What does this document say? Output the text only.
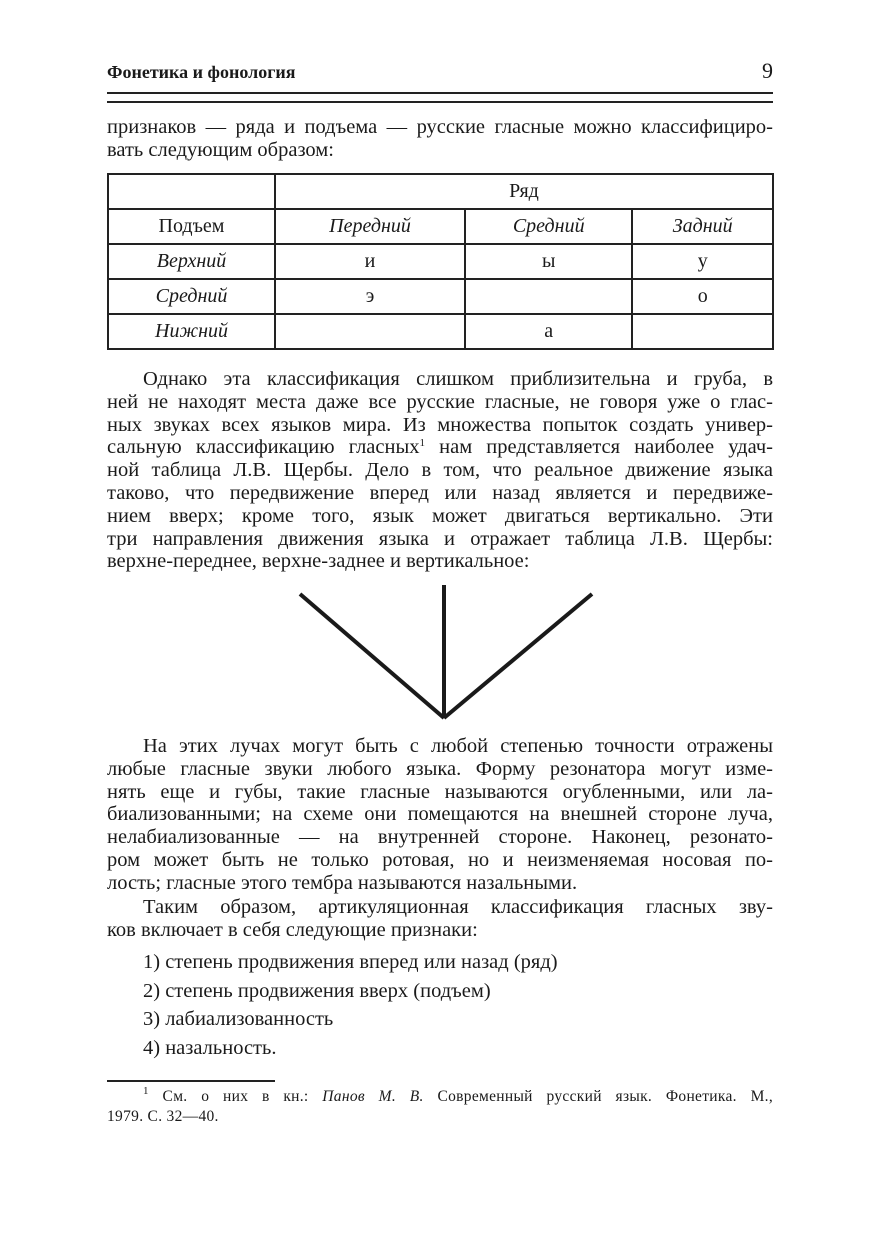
Фонетика и фонология	9
признаков — ряда и подъема — русские гласные можно классифициро-
вать следующим образом:
	Ряд		
Подъем	Передний	Средний	Задний
Верхний	и	ы	у
Средний	э		о
Нижний		а	
Однако эта классификация слишком приблизительна и груба, в
ней не находят места даже все русские гласные, не говоря уже о глас-
ных звуках всех языков мира. Из множества попыток создать универ-
сальную классификацию гласных$^1$ нам представляется наиболее удач-
ной таблица Л.В. Щербы. Дело в том, что реальное движение языка
таково, что передвижение вперед или назад является и передвиже-
нием вверх; кроме того, язык может двигаться вертикально. Эти
три направления движения языка и отражает таблица Л.В. Щербы:
верхне-переднее, верхне-заднее и вертикальное:
На этих лучах могут быть с любой степенью точности отражены
любые гласные звуки любого языка. Форму резонатора могут изме-
нять еще и губы, такие гласные называются огубленными, или ла-
биализованными; на схеме они помещаются на внешней стороне луча,
нелабиализованные — на внутренней стороне. Наконец, резонато-
ром может быть не только ротовая, но и неизменяемая носовая по-
лость; гласные этого тембра называются назальными.
Таким образом, артикуляционная классификация гласных зву-
ков включает в себя следующие признаки:
1) степень продвижения вперед или назад (ряд)
2) степень продвижения вверх (подъем)
3) лабиализованность
4) назальность.
$^1$ См. о них в кн.: Панов М. В. Современный русский язык. Фонетика. М.,
1979. С. 32—40.
